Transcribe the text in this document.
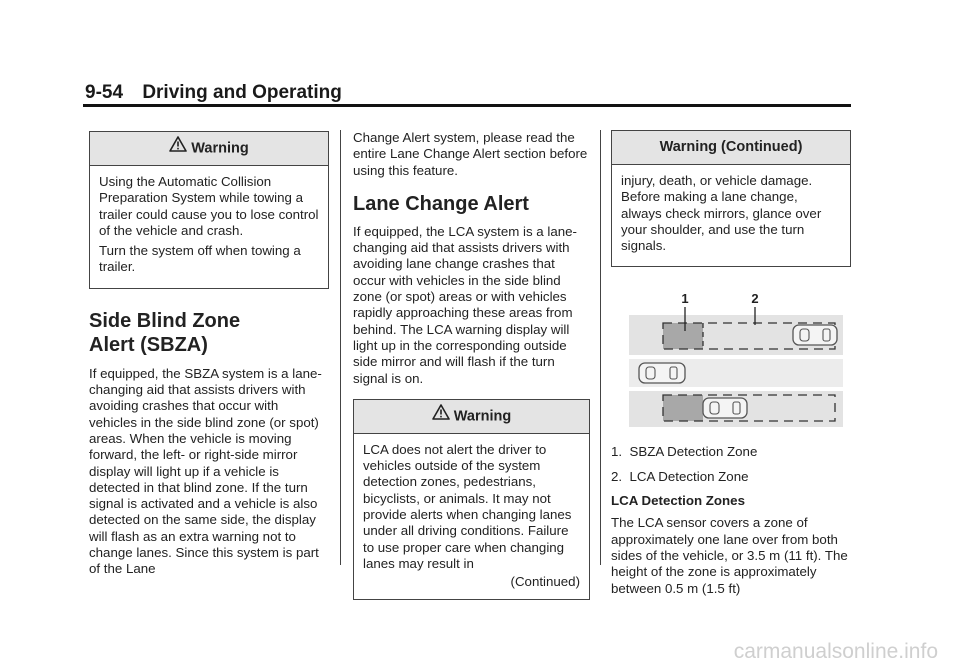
9-54 Driving and Operating
Warning

Using the Automatic Collision Preparation System while towing a trailer could cause you to lose control of the vehicle and crash.

Turn the system off when towing a trailer.

Side Blind Zone
Alert (SBZA)

If equipped, the SBZA system is a lane-changing aid that assists drivers with avoiding crashes that occur with vehicles in the side blind zone (or spot) areas. When the vehicle is moving forward, the left- or right-side mirror display will light up if a vehicle is detected in that blind zone. If the turn signal is activated and a vehicle is also detected on the same side, the display will flash as an extra warning not to change lanes. Since this system is part of the Lane

Change Alert system, please read the entire Lane Change Alert section before using this feature.

Lane Change Alert

If equipped, the LCA system is a lane-changing aid that assists drivers with avoiding lane change crashes that occur with vehicles in the side blind zone (or spot) areas or with vehicles rapidly approaching these areas from behind. The LCA warning display will light up in the corresponding outside side mirror and will flash if the turn signal is on.

Warning

LCA does not alert the driver to vehicles outside of the system detection zones, pedestrians, bicyclists, or animals. It may not provide alerts when changing lanes under all driving conditions. Failure to use proper care when changing lanes may result in

(Continued)
Warning (Continued)

injury, death, or vehicle damage. Before making a lane change, always check mirrors, glance over your shoulder, and use the turn signals.

1	2
1. SBZA Detection Zone
2. LCA Detection Zone

LCA Detection Zones

The LCA sensor covers a zone of approximately one lane over from both sides of the vehicle, or 3.5 m (11 ft). The height of the zone is approximately between 0.5 m (1.5 ft)

carmanualsonline.info
